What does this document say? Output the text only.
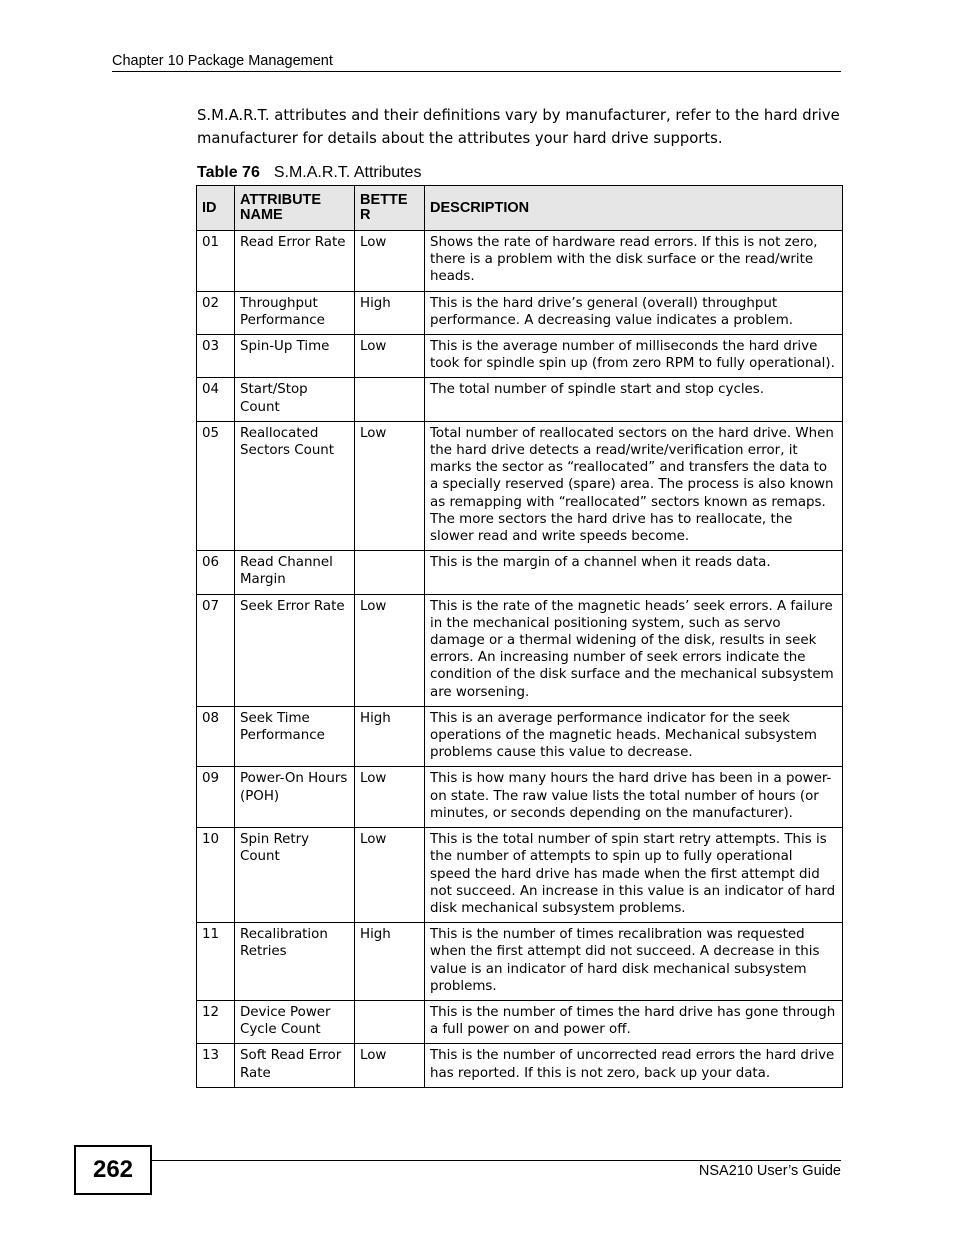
Chapter 10 Package Management
S.M.A.R.T. attributes and their definitions vary by manufacturer, refer to the hard drive manufacturer for details about the attributes your hard drive supports.
Table 76 S.M.A.R.T. Attributes
ID	ATTRIBUTE NAME	BETTE R	DESCRIPTION
01	Read Error Rate	Low	Shows the rate of hardware read errors. If this is not zero, there is a problem with the disk surface or the read/write heads.
02	Throughput Performance	High	This is the hard drive’s general (overall) throughput performance. A decreasing value indicates a problem.
03	Spin-Up Time	Low	This is the average number of milliseconds the hard drive took for spindle spin up (from zero RPM to fully operational).
04	Start/Stop Count		The total number of spindle start and stop cycles.
05	Reallocated Sectors Count	Low	Total number of reallocated sectors on the hard drive. When the hard drive detects a read/write/verification error, it marks the sector as “reallocated” and transfers the data to a specially reserved (spare) area. The process is also known as remapping with “reallocated” sectors known as remaps. The more sectors the hard drive has to reallocate, the slower read and write speeds become.
06	Read Channel Margin		This is the margin of a channel when it reads data.
07	Seek Error Rate	Low	This is the rate of the magnetic heads’ seek errors. A failure in the mechanical positioning system, such as servo damage or a thermal widening of the disk, results in seek errors. An increasing number of seek errors indicate the condition of the disk surface and the mechanical subsystem are worsening.
08	Seek Time Performance	High	This is an average performance indicator for the seek operations of the magnetic heads. Mechanical subsystem problems cause this value to decrease.
09	Power-On Hours (POH)	Low	This is how many hours the hard drive has been in a power-on state. The raw value lists the total number of hours (or minutes, or seconds depending on the manufacturer).
10	Spin Retry Count	Low	This is the total number of spin start retry attempts. This is the number of attempts to spin up to fully operational speed the hard drive has made when the first attempt did not succeed. An increase in this value is an indicator of hard disk mechanical subsystem problems.
11	Recalibration Retries	High	This is the number of times recalibration was requested when the first attempt did not succeed. A decrease in this value is an indicator of hard disk mechanical subsystem problems.
12	Device Power Cycle Count		This is the number of times the hard drive has gone through a full power on and power off.
13	Soft Read Error Rate	Low	This is the number of uncorrected read errors the hard drive has reported. If this is not zero, back up your data.
262	NSA210 User’s Guide
